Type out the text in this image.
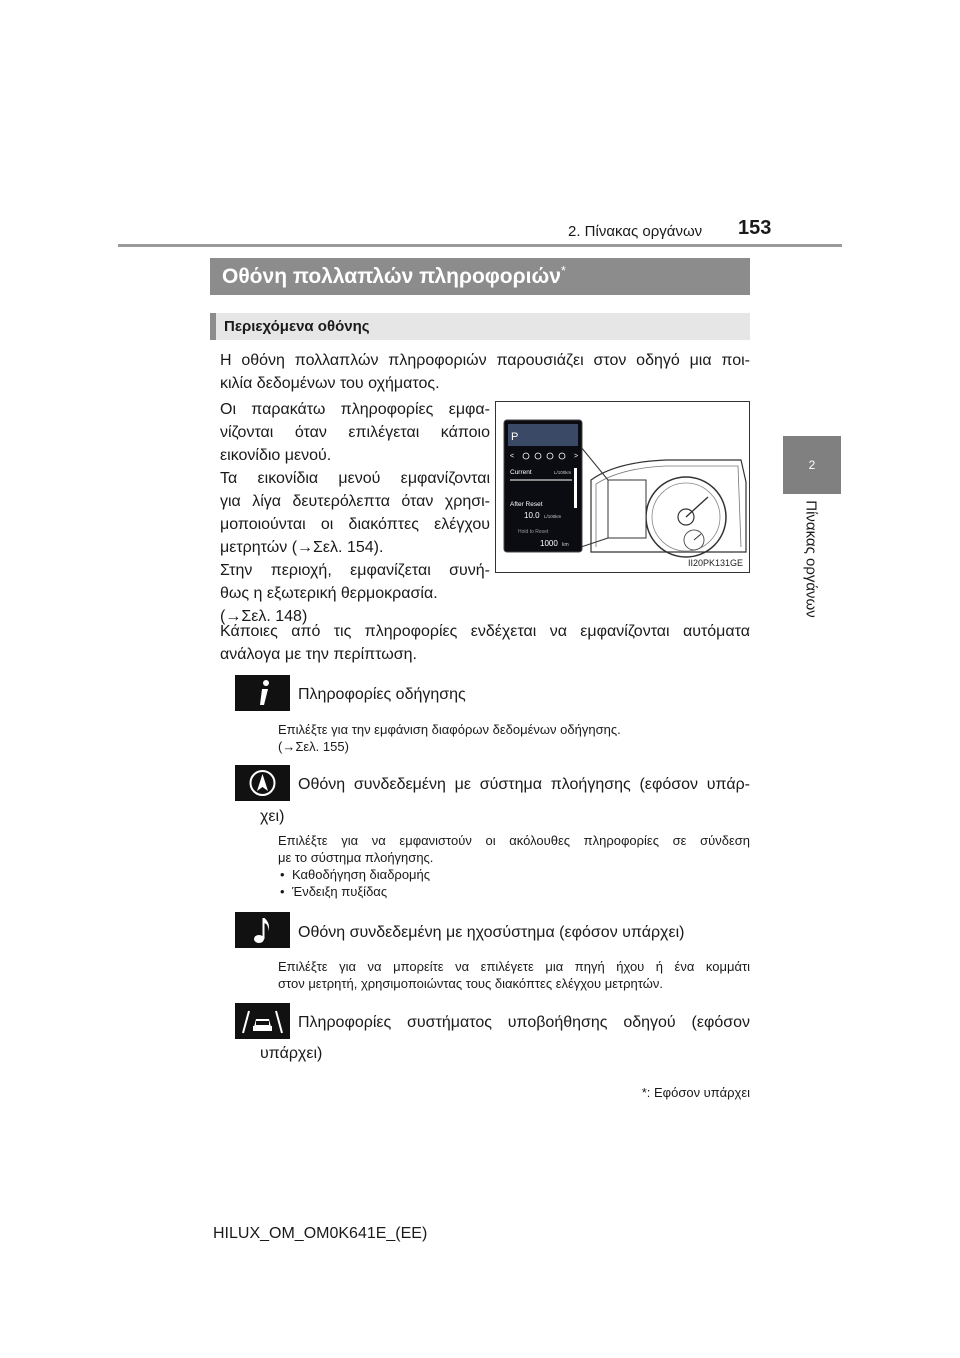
2. Πίνακας οργάνων 153
2
Πίνακας οργάνων
Οθόνη πολλαπλών πληροφοριών*
Περιεχόμενα οθόνης
Η οθόνη πολλαπλών πληροφοριών παρουσιάζει στον οδηγό μια ποι-
κιλία δεδομένων του οχήματος.
Οι παρακάτω πληροφορίες εμφα-
νίζονται όταν επιλέγεται κάποιο
εικονίδιο μενού.
Τα εικονίδια μενού εμφανίζονται
για λίγα δευτερόλεπτα όταν χρησι-
μοποιούνται οι διακόπτες ελέγχου
μετρητών (→Σελ. 154).
Στην περιοχή, εμφανίζεται συνή-
θως η εξωτερική θερμοκρασία.
(→Σελ. 148)
P
<	>
Current	L/100km
After Reset
10.0 L/100km
Hold to Reset
1000 km
II20PK131GE
Κάποιες από τις πληροφορίες ενδέχεται να εμφανίζονται αυτόματα
ανάλογα με την περίπτωση.
Πληροφορίες οδήγησης
Επιλέξτε για την εμφάνιση διαφόρων δεδομένων οδήγησης.
(→Σελ. 155)
Οθόνη συνδεδεμένη με σύστημα πλοήγησης (εφόσον υπάρ-
χει)
Επιλέξτε για να εμφανιστούν οι ακόλουθες πληροφορίες σε σύνδεση
με το σύστημα πλοήγησης.
• Καθοδήγηση διαδρομής
• Ένδειξη πυξίδας
Οθόνη συνδεδεμένη με ηχοσύστημα (εφόσον υπάρχει)
Επιλέξτε για να μπορείτε να επιλέγετε μια πηγή ήχου ή ένα κομμάτι
στον μετρητή, χρησιμοποιώντας τους διακόπτες ελέγχου μετρητών.
Πληροφορίες συστήματος υποβοήθησης οδηγού (εφόσον
υπάρχει)
*: Εφόσον υπάρχει
HILUX_OM_OM0K641E_(EE)
